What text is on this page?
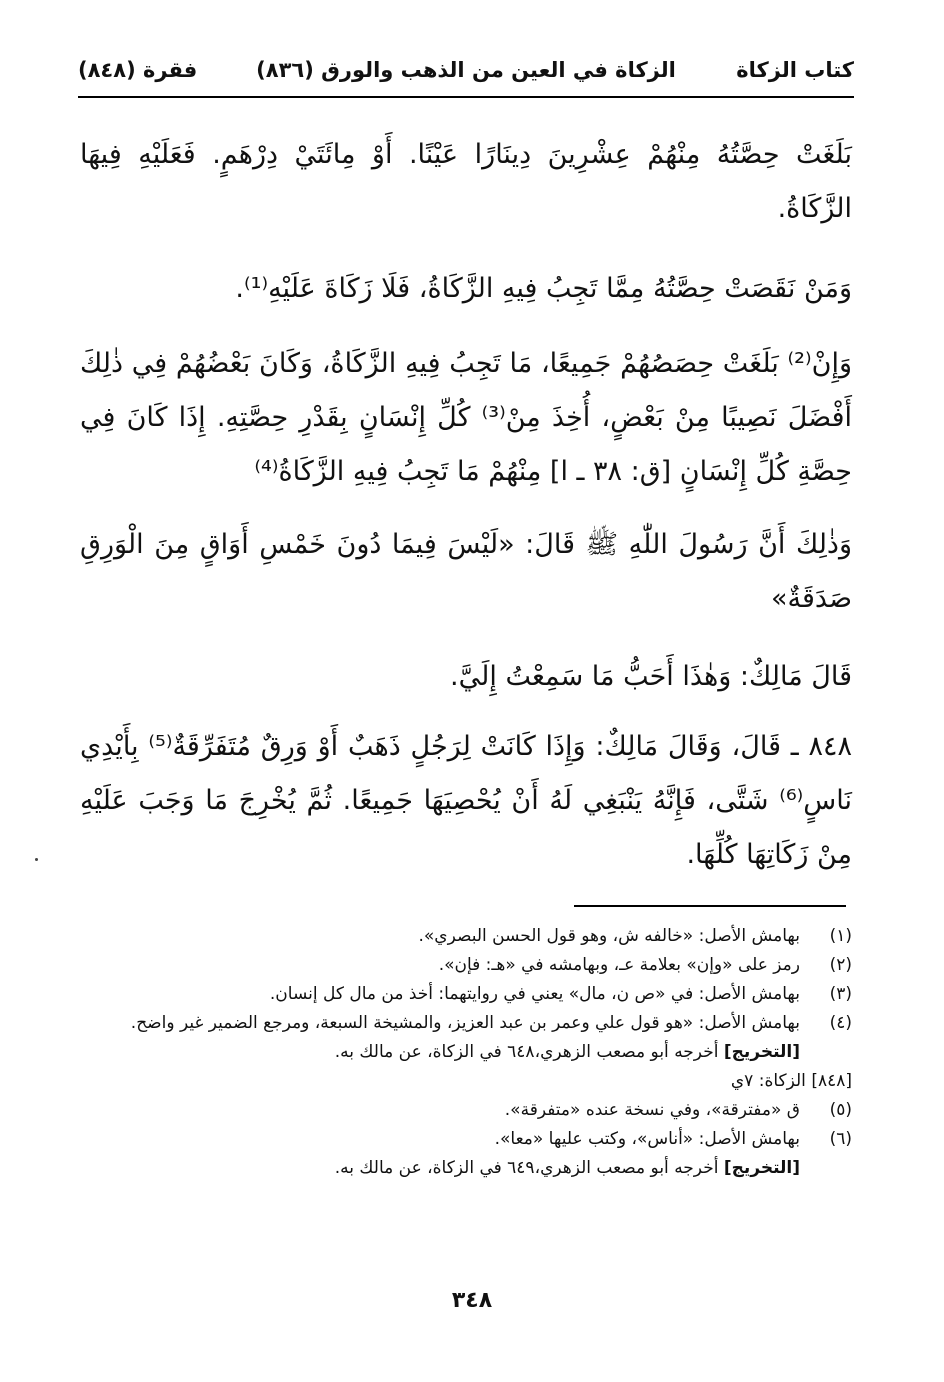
كتاب الزكاة
(٨٣٦) الزكاة في العين من الذهب والورق
(٨٤٨) فقرة
بَلَغَتْ حِصَّتُهُ مِنْهُمْ عِشْرِينَ دِينَارًا عَيْنًا. أَوْ مِائَتَيْ دِرْهَمٍ. فَعَلَيْهِ فِيهَا الزَّكَاةُ.
وَمَنْ نَقَصَتْ حِصَّتُهُ مِمَّا تَجِبُ فِيهِ الزَّكَاةُ، فَلَا زَكَاةَ عَلَيْهِ⁽¹⁾.
وَإِنْ⁽²⁾ بَلَغَتْ حِصَصُهُمْ جَمِيعًا، مَا تَجِبُ فِيهِ الزَّكَاةُ، وَكَانَ بَعْضُهُمْ فِي ذٰلِكَ أَفْضَلَ نَصِيبًا مِنْ بَعْضٍ، أُخِذَ مِنْ⁽³⁾ كُلِّ إِنْسَانٍ بِقَدْرِ حِصَّتِهِ. إِذَا كَانَ فِي حِصَّةِ كُلِّ إِنْسَانٍ [ق: ٣٨ ـ ا] مِنْهُمْ مَا تَجِبُ فِيهِ الزَّكَاةُ⁽⁴⁾
وَذٰلِكَ أَنَّ رَسُولَ اللّٰهِ ﷺ قَالَ: «لَيْسَ فِيمَا دُونَ خَمْسِ أَوَاقٍ مِنَ الْوَرِقِ صَدَقَةٌ»
قَالَ مَالِكٌ: وَهٰذَا أَحَبُّ مَا سَمِعْتُ إِلَيَّ.
٨٤٨ ـ قَالَ، وَقَالَ مَالِكٌ: وَإِذَا كَانَتْ لِرَجُلٍ ذَهَبٌ أَوْ وَرِقٌ مُتَفَرِّقَةٌ⁽⁵⁾ بِأَيْدِي نَاسٍ⁽⁶⁾ شَتَّى، فَإِنَّهُ يَنْبَغِي لَهُ أَنْ يُحْصِيَهَا جَمِيعًا. ثُمَّ يُخْرِجَ مَا وَجَبَ عَلَيْهِ مِنْ زَكَاتِهَا كُلِّهَا.
(١)
بهامش الأصل: «خالفه ش، وهو قول الحسن البصري».
(٢)
رمز على «وإن» بعلامة عـ، وبهامشه في «هـ: فإن».
(٣)
بهامش الأصل: في «ص ن، مال» يعني في روايتهما: أخذ من مال كل إنسان.
(٤)
بهامش الأصل: «هو قول علي وعمر بن عبد العزيز، والمشيخة السبعة، ومرجع الضمير غير واضح.
[التخريج] أخرجه أبو مصعب الزهري،٦٤٨ في الزكاة، عن مالك به.
[٨٤٨] الزكاة: ٧ي
(٥)
ق «مفترقة»، وفي نسخة عنده «متفرقة».
(٦)
بهامش الأصل: «أناس»، وكتب عليها «معا».
[التخريج] أخرجه أبو مصعب الزهري،٦٤٩ في الزكاة، عن مالك به.
٣٤٨
